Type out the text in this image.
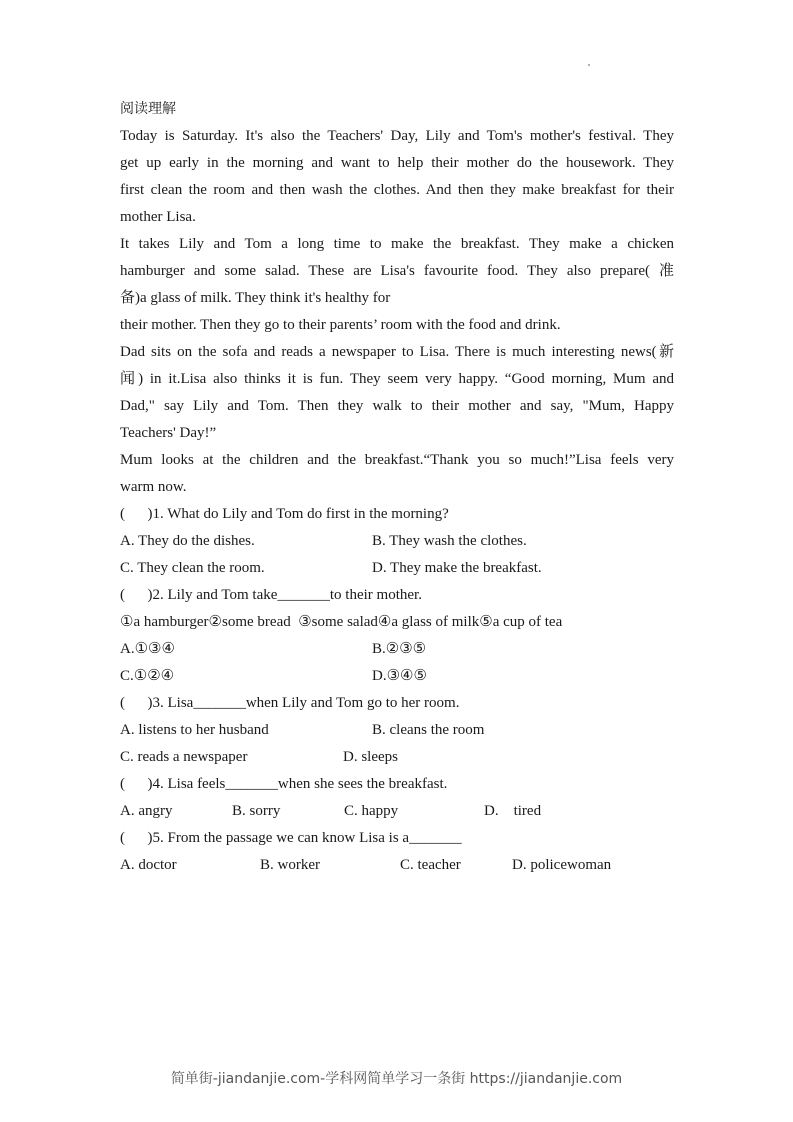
阅读理解

Today is Saturday. It's also the Teachers' Day, Lily and Tom's mother's festival. They

get up early in the morning and want to help their mother do the housework. They

first clean the room and then wash the clothes. And then they make breakfast for their

mother Lisa.

It takes Lily and Tom a long time to make the breakfast. They make a chicken

hamburger and some salad. These are Lisa's favourite food. They also prepare( 准

备)a glass of milk. They think it's healthy for

their mother. Then they go to their parents’ room with the food and drink.

Dad sits on the sofa and reads a newspaper to Lisa. There is much interesting news(新

闻) in it.Lisa also thinks it is fun. They seem very happy. “Good morning, Mum and

Dad," say Lily and Tom. Then they walk to their mother and say, "Mum, Happy

Teachers' Day!”

Mum looks at the children and the breakfast.“Thank you so much!”Lisa feels very

warm now.

(      )1. What do Lily and Tom do first in the morning?

A. They do the dishes.

	B. They wash the clothes.

C. They clean the room.

	D. They make the breakfast.

(      )2. Lily and Tom take_______to their mother.
①a hamburger②some bread  ③some salad④a glass of milk⑤a cup of tea

A.①③④

	B.②③⑤

C.①②④

	D.③④⑤

(      )3. Lisa_______when Lily and Tom go to her room.

A. listens to her husband

	B. cleans the room

C. reads a newspaper

	D. sleeps

(      )4. Lisa feels_______when she sees the breakfast.

A. angry

	B. sorry

	C. happy

	D.    tired

(      )5. From the passage we can know Lisa is a_______

A. doctor

	B. worker

	C. teacher

	D. policewoman

简单街-jiandanjie.com-学科网简单学习一条街 https://jiandanjie.com
